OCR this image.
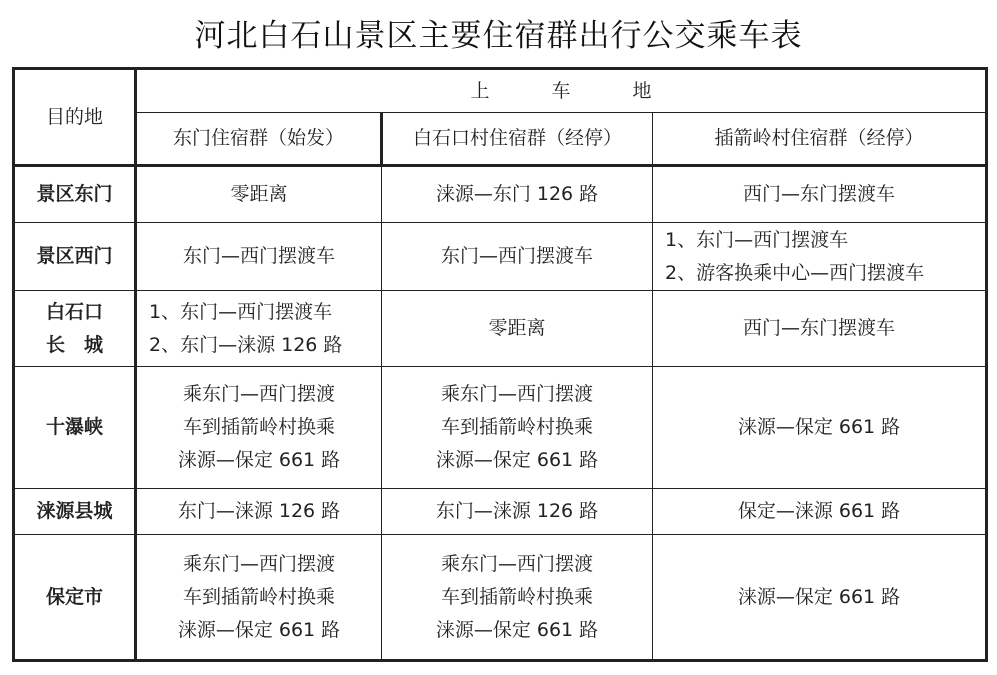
河北白石山景区主要住宿群出行公交乘车表
目的地	上 车 地		
	东门住宿群（始发）	白石口村住宿群（经停）	插箭岭村住宿群（经停）

景区东门	零距离	涞源—东门 126 路	西门—东门摆渡车

景区西门	东门—西门摆渡车	东门—西门摆渡车	1、东门—西门摆渡车
2、游客换乘中心—西门摆渡车

白石口
长　城	1、东门—西门摆渡车
2、东门—涞源 126 路	零距离	西门—东门摆渡车

十瀑峡	乘东门—西门摆渡
车到插箭岭村换乘
涞源—保定 661 路	乘东门—西门摆渡
车到插箭岭村换乘
涞源—保定 661 路	涞源—保定 661 路

涞源县城	东门—涞源 126 路	东门—涞源 126 路	保定—涞源 661 路

保定市	乘东门—西门摆渡
车到插箭岭村换乘
涞源—保定 661 路	乘东门—西门摆渡
车到插箭岭村换乘
涞源—保定 661 路	涞源—保定 661 路
